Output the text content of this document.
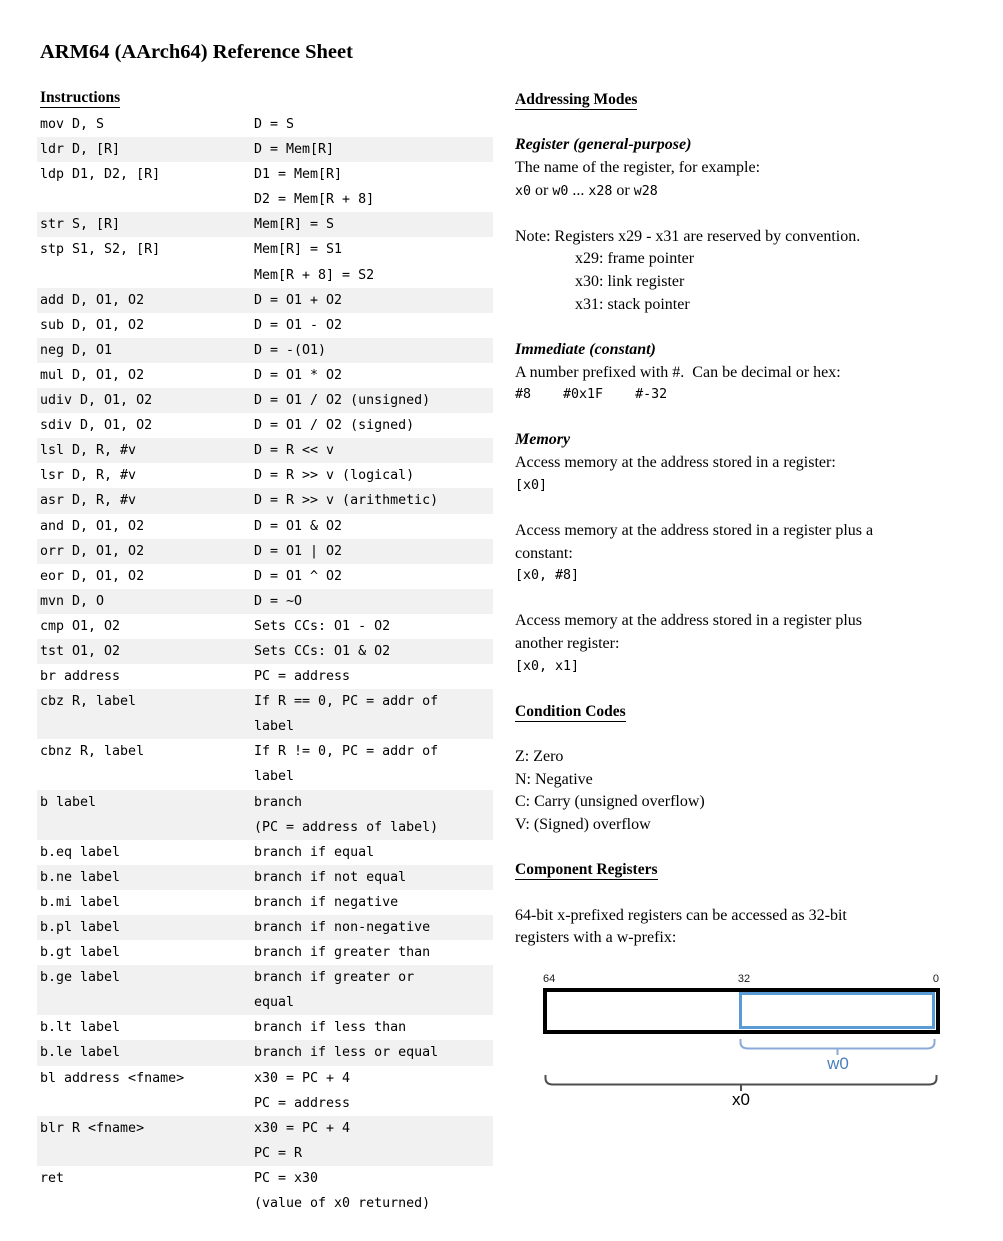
ARM64 (AArch64) Reference Sheet
Instructions
mov D, S	D = S
ldr D, [R]	D = Mem[R]
ldp D1, D2, [R]	D1 = Mem[R]
D2 = Mem[R + 8]
str S, [R]	Mem[R] = S
stp S1, S2, [R]	Mem[R] = S1
Mem[R + 8] = S2
add D, O1, O2	D = O1 + O2
sub D, O1, O2	D = O1 - O2
neg D, O1	D = -(O1)
mul D, O1, O2	D = O1 * O2
udiv D, O1, O2	D = O1 / O2 (unsigned)
sdiv D, O1, O2	D = O1 / O2 (signed)
lsl D, R, #v	D = R << v
lsr D, R, #v	D = R >> v (logical)
asr D, R, #v	D = R >> v (arithmetic)
and D, O1, O2	D = O1 & O2
orr D, O1, O2	D = O1 | O2
eor D, O1, O2	D = O1 ^ O2
mvn D, O	D = ~O
cmp O1, O2	Sets CCs: O1 - O2
tst O1, O2	Sets CCs: O1 & O2
br address	PC = address
cbz R, label	If R == 0, PC = addr of
label
cbnz R, label	If R != 0, PC = addr of
label
b label	branch
(PC = address of label)
b.eq label	branch if equal
b.ne label	branch if not equal
b.mi label	branch if negative
b.pl label	branch if non-negative
b.gt label	branch if greater than
b.ge label	branch if greater or
equal
b.lt label	branch if less than
b.le label	branch if less or equal
bl address <fname>	x30 = PC + 4
PC = address
blr R <fname>	x30 = PC + 4
PC = R
ret	PC = x30
(value of x0 returned)
Addressing Modes
Register (general-purpose)
The name of the register, for example:
x0 or w0 ... x28 or w28
Note: Registers x29 - x31 are reserved by convention.
x29: frame pointer
x30: link register
x31: stack pointer
Immediate (constant)
A number prefixed with #.  Can be decimal or hex:
#8    #0x1F    #-32
Memory
Access memory at the address stored in a register:
[x0]
Access memory at the address stored in a register plus a
constant:
[x0, #8]
Access memory at the address stored in a register plus
another register:
[x0, x1]
Condition Codes
Z: Zero
N: Negative
C: Carry (unsigned overflow)
V: (Signed) overflow
Component Registers
64-bit x-prefixed registers can be accessed as 32-bit
registers with a w-prefix:
64	32	0
w0
x0
